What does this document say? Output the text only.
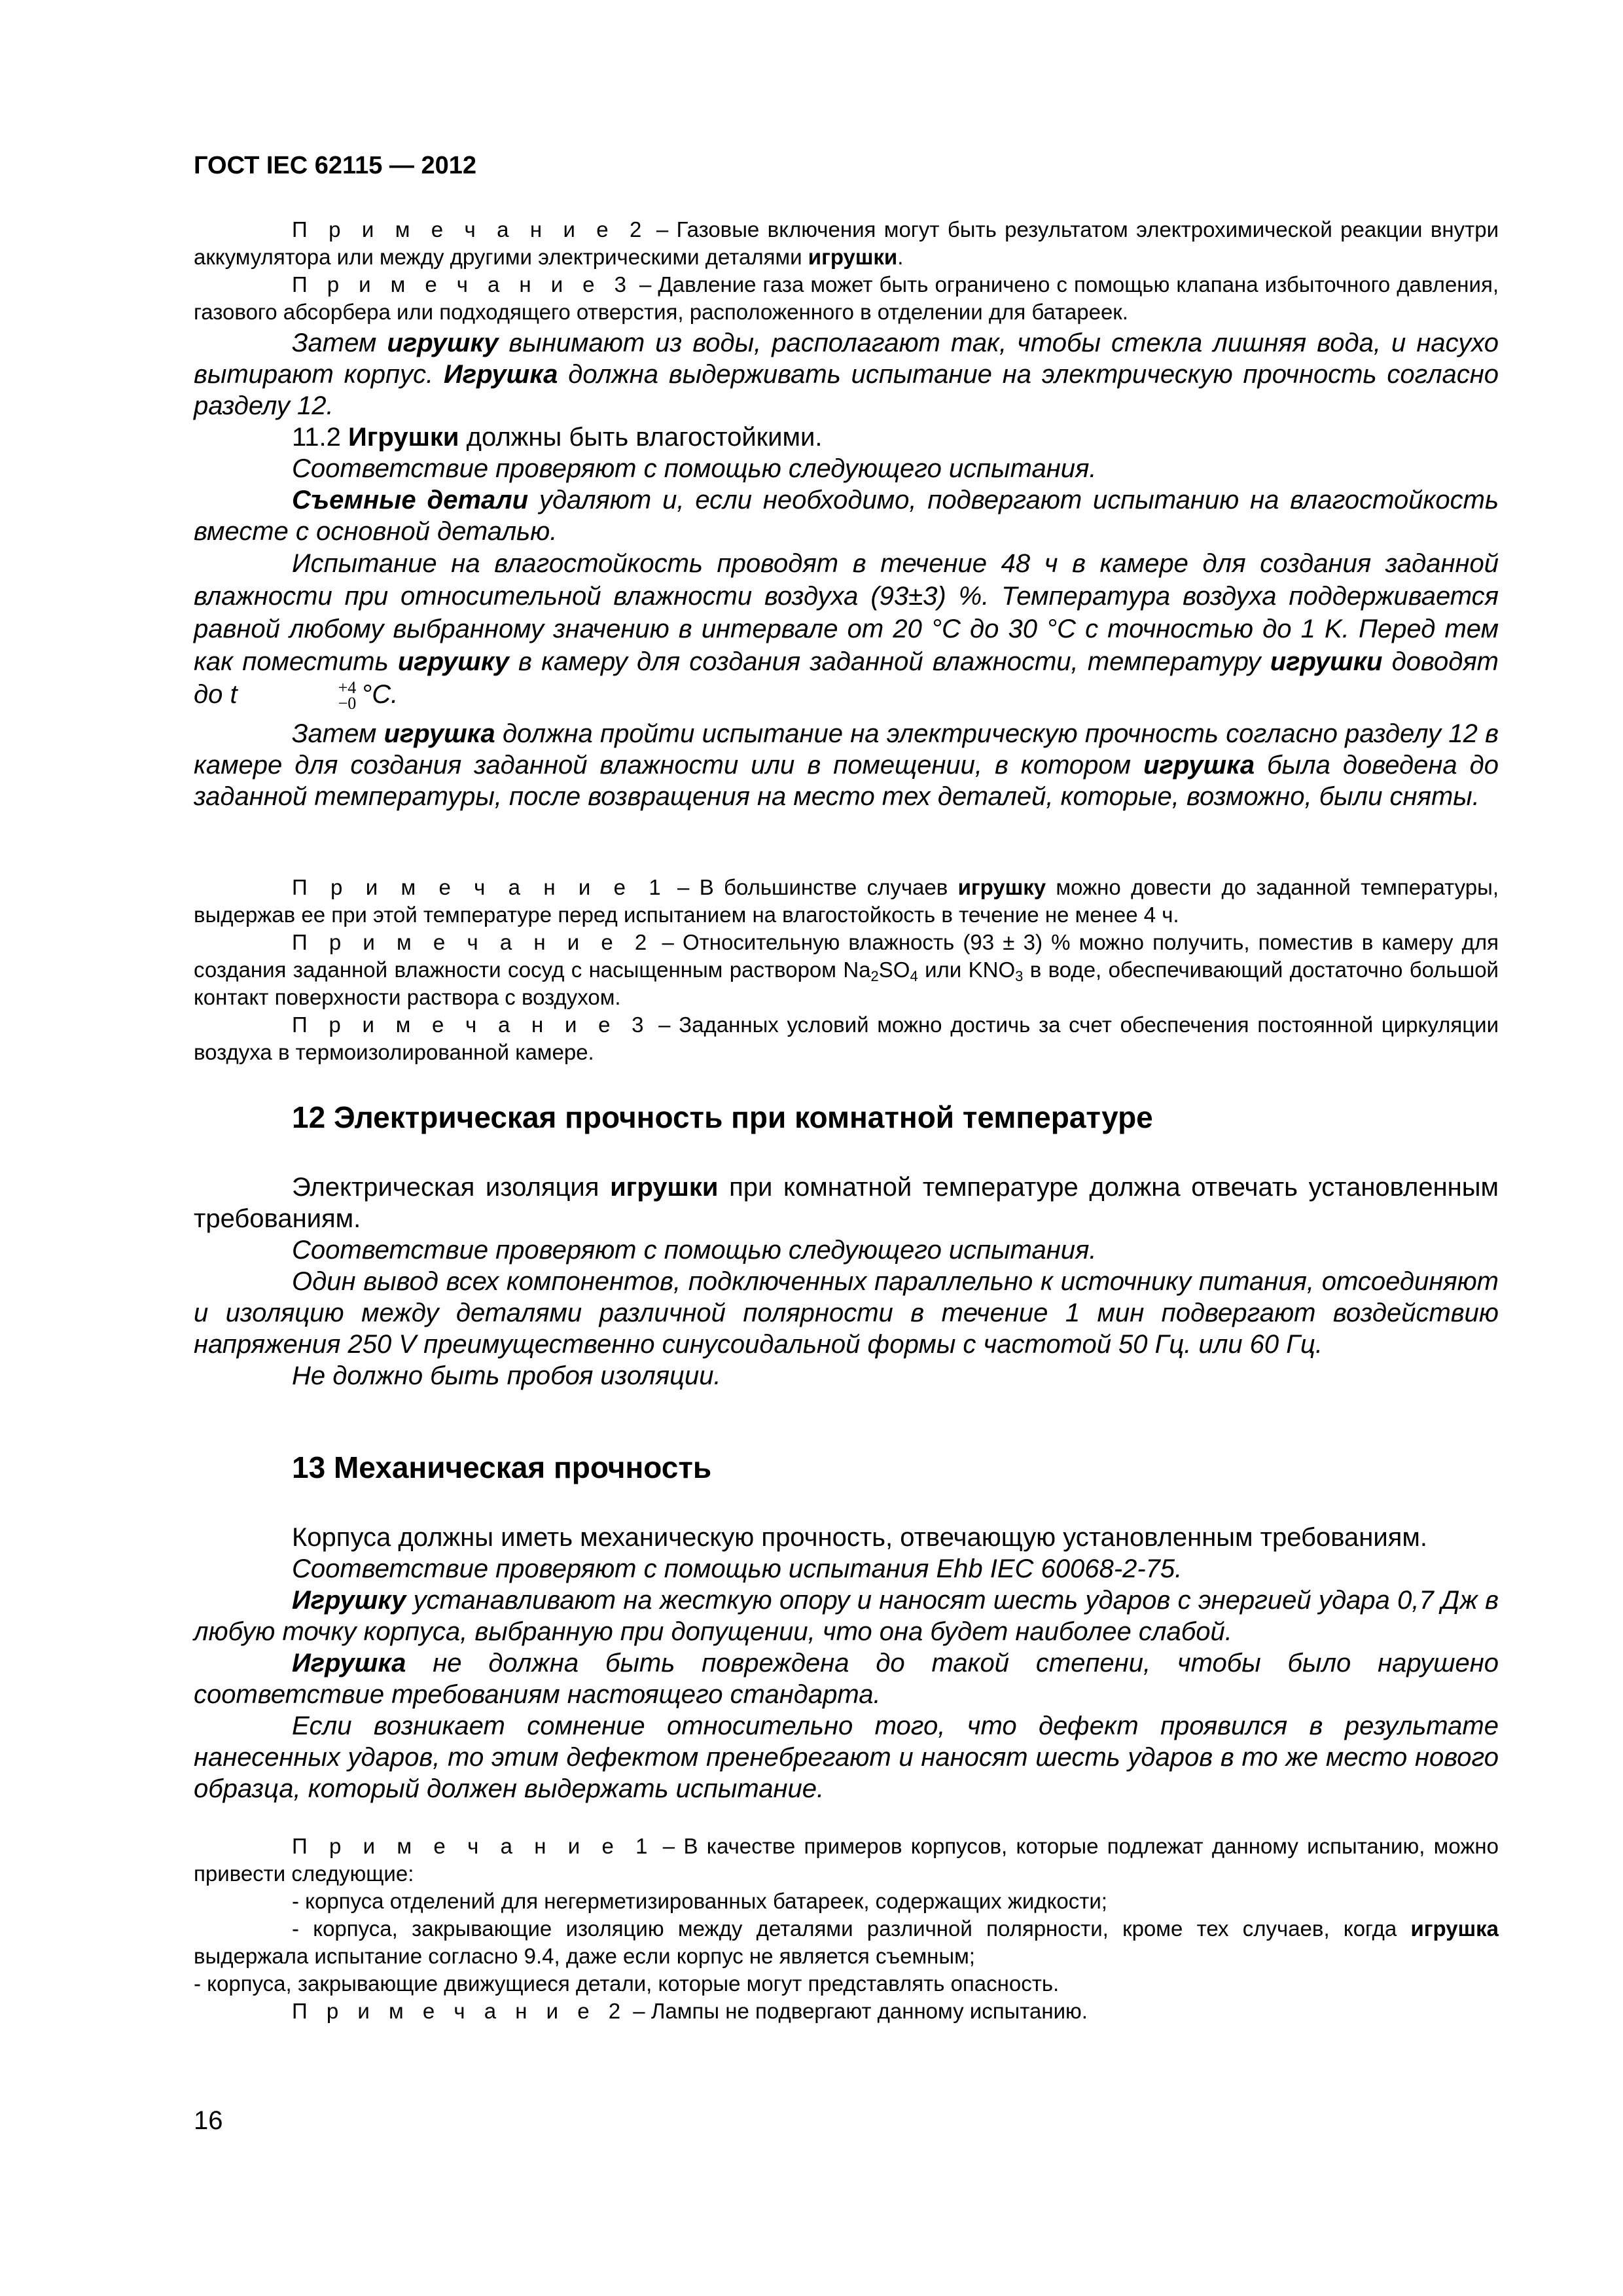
ГОСТ IEC 62115 — 2012

П р и м е ч а н и е 2 – Газовые включения могут быть результатом электрохимической реакции внутри аккумулятора или между другими электрическими деталями игрушки.

П р и м е ч а н и е 3 – Давление газа может быть ограничено с помощью клапана избыточного давления, газового абсорбера или подходящего отверстия, расположенного в отделении для батареек.

Затем игрушку вынимают из воды, располагают так, чтобы стекла лишняя вода, и насухо вытирают корпус. Игрушка должна выдерживать испытание на электрическую прочность согласно разделу 12.

11.2 Игрушки должны быть влагостойкими.

Соответствие проверяют с помощью следующего испытания.

Съемные детали удаляют и, если необходимо, подвергают испытанию на влагостойкость вместе с основной деталью.

Испытание на влагостойкость проводят в течение 48 ч в камере для создания заданной влажности при относительной влажности воздуха (93±3) %. Температура воздуха поддерживается равной любому выбранному значению в интервале от 20 °С до 30 °С с точностью до 1 K. Перед тем как поместить игрушку в камеру для создания заданной влажности, температуру игрушки доводят до t	+4
−0 °С.

Затем игрушка должна пройти испытание на электрическую прочность согласно разделу 12 в камере для создания заданной влажности или в помещении, в котором игрушка была доведена до заданной температуры, после возвращения на место тех деталей, которые, возможно, были сняты.

П р и м е ч а н и е 1 – В большинстве случаев игрушку можно довести до заданной температуры, выдержав ее при этой температуре перед испытанием на влагостойкость в течение не менее 4 ч.

П р и м е ч а н и е 2 – Относительную влажность (93 ± 3) % можно получить, поместив в камеру для создания заданной влажности сосуд с насыщенным раствором $Na_2SO_4$ или $KNO_3$ в воде, обеспечивающий достаточно большой контакт поверхности раствора с воздухом.

П р и м е ч а н и е 3 – Заданных условий можно достичь за счет обеспечения постоянной циркуляции воздуха в термоизолированной камере.

12 Электрическая прочность при комнатной температуре

Электрическая изоляция игрушки при комнатной температуре должна отвечать установленным требованиям.

Соответствие проверяют с помощью следующего испытания.

Один вывод всех компонентов, подключенных параллельно к источнику питания, отсоединяют и изоляцию между деталями различной полярности в течение 1 мин подвергают воздействию напряжения 250 V преимущественно синусоидальной формы с частотой 50 Гц. или 60 Гц.

Не должно быть пробоя изоляции.

13 Механическая прочность

Корпуса должны иметь механическую прочность, отвечающую установленным требованиям.

Соответствие проверяют с помощью испытания Ehb IEC 60068-2-75.

Игрушку устанавливают на жесткую опору и наносят шесть ударов с энергией удара 0,7 Дж в любую точку корпуса, выбранную при допущении, что она будет наиболее слабой.

Игрушка не должна быть повреждена до такой степени, чтобы было нарушено соответствие требованиям настоящего стандарта.

Если возникает сомнение относительно того, что дефект проявился в результате нанесенных ударов, то этим дефектом пренебрегают и наносят шесть ударов в то же место нового образца, который должен выдержать испытание.

П р и м е ч а н и е 1 – В качестве примеров корпусов, которые подлежат данному испытанию, можно привести следующие:

- корпуса отделений для негерметизированных батареек, содержащих жидкости;

- корпуса, закрывающие изоляцию между деталями различной полярности, кроме тех случаев, когда игрушка выдержала испытание согласно 9.4, даже если корпус не является съемным;

- корпуса, закрывающие движущиеся детали, которые могут представлять опасность.

П р и м е ч а н и е 2 – Лампы не подвергают данному испытанию.

16
